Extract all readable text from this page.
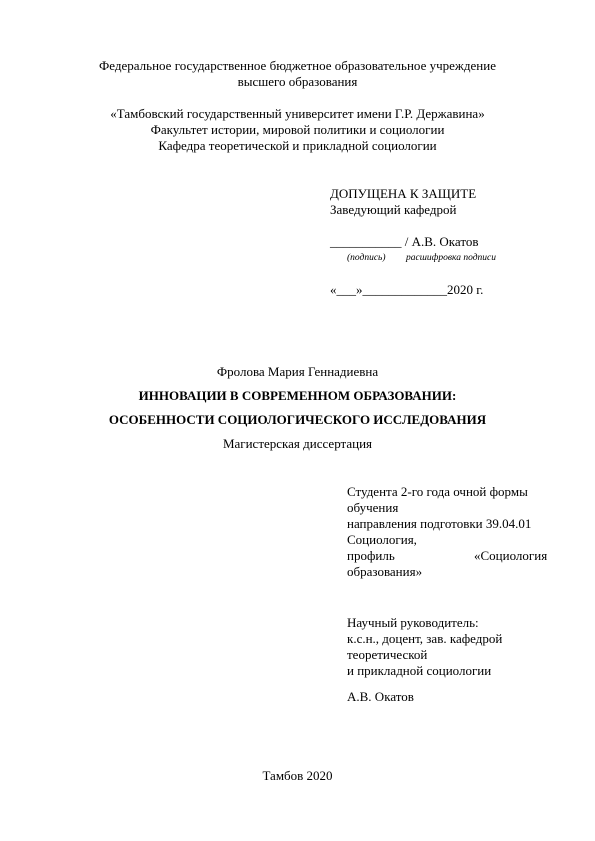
Федеральное государственное бюджетное образовательное учреждение
высшего образования
«Тамбовский государственный университет имени Г.Р. Державина»
Факультет истории, мировой политики и социологии
Кафедра теоретической и прикладной социологии
ДОПУЩЕНА К ЗАЩИТЕ
Заведующий кафедрой
___________ / А.В. Окатов
(подпись) расшифровка подписи
«___»_____________2020 г.
Фролова Мария Геннадиевна
ИННОВАЦИИ В СОВРЕМЕННОМ ОБРАЗОВАНИИ:
ОСОБЕННОСТИ СОЦИОЛОГИЧЕСКОГО ИССЛЕДОВАНИЯ
Магистерская диссертация
Студента 2-го года очной формы
обучения
направления подготовки 39.04.01
Социология,
профиль	«Социология
образования»
Научный руководитель:
к.с.н., доцент, зав. кафедрой
теоретической
и прикладной социологии
А.В. Окатов
Тамбов 2020
